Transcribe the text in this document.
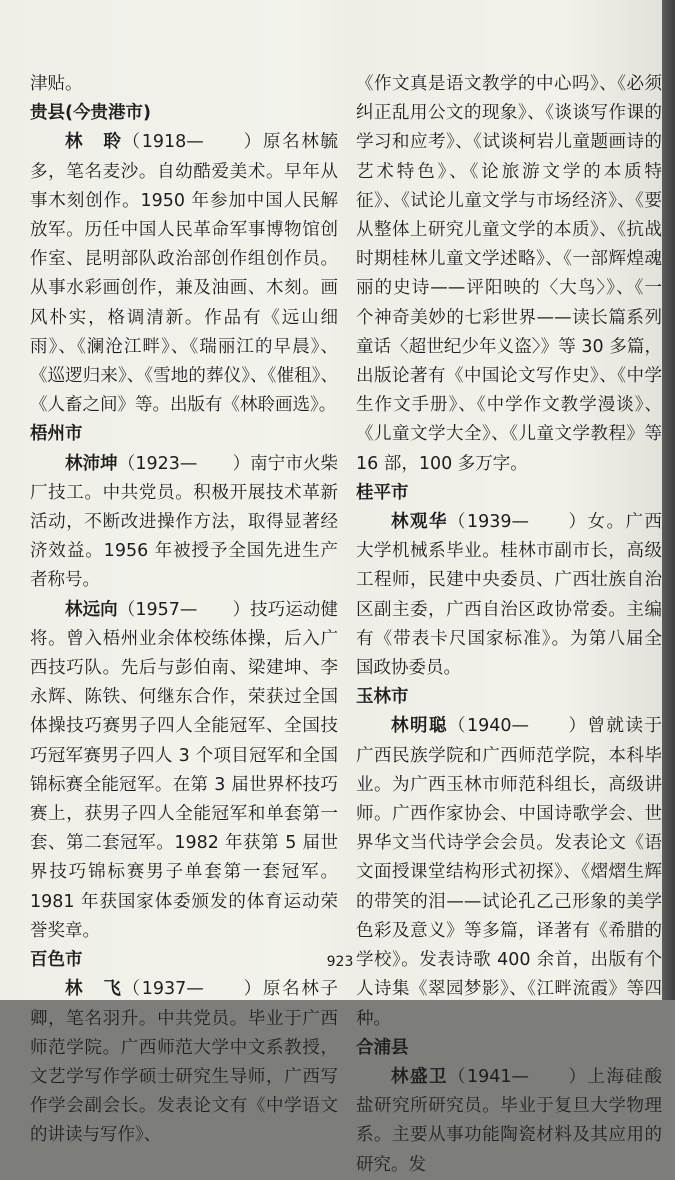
津贴。

贵县(今贵港市)

林　聆（1918—　　）原名林毓多，笔名麦沙。自幼酷爱美术。早年从事木刻创作。1950 年参加中国人民解放军。历任中国人民革命军事博物馆创作室、昆明部队政治部创作组创作员。从事水彩画创作，兼及油画、木刻。画风朴实，格调清新。作品有《远山细雨》、《澜沧江畔》、《瑞丽江的早晨》、《巡逻归来》、《雪地的葬仪》、《催租》、《人畜之间》等。出版有《林聆画选》。

梧州市

林沛坤（1923—　　）南宁市火柴厂技工。中共党员。积极开展技术革新活动，不断改进操作方法，取得显著经济效益。1956 年被授予全国先进生产者称号。

林远向（1957—　　）技巧运动健将。曾入梧州业余体校练体操，后入广西技巧队。先后与彭伯南、梁建坤、李永辉、陈铁、何继东合作，荣获过全国体操技巧赛男子四人全能冠军、全国技巧冠军赛男子四人 3 个项目冠军和全国锦标赛全能冠军。在第 3 届世界杯技巧赛上，获男子四人全能冠军和单套第一套、第二套冠军。1982 年获第 5 届世界技巧锦标赛男子单套第一套冠军。1981 年获国家体委颁发的体育运动荣誉奖章。

百色市

林　飞（1937—　　）原名林子卿，笔名羽升。中共党员。毕业于广西师范学院。广西师范大学中文系教授，文艺学写作学硕士研究生导师，广西写作学会副会长。发表论文有《中学语文的讲读与写作》、

《作文真是语文教学的中心吗》、《必须纠正乱用公文的现象》、《谈谈写作课的学习和应考》、《试谈柯岩儿童题画诗的艺术特色》、《论旅游文学的本质特征》、《试论儿童文学与市场经济》、《要从整体上研究儿童文学的本质》、《抗战时期桂林儿童文学述略》、《一部辉煌魂丽的史诗——评阳映的〈大鸟〉》、《一个神奇美妙的七彩世界——读长篇系列童话〈超世纪少年义盗〉》等 30 多篇，出版论著有《中国论文写作史》、《中学生作文手册》、《中学作文教学漫谈》、《儿童文学大全》、《儿童文学教程》等 16 部，100 多万字。

桂平市

林观华（1939—　　）女。广西大学机械系毕业。桂林市副市长，高级工程师，民建中央委员、广西壮族自治区副主委，广西自治区政协常委。主编有《带表卡尺国家标准》。为第八届全国政协委员。

玉林市

林明聪（1940—　　）曾就读于广西民族学院和广西师范学院，本科毕业。为广西玉林市师范科组长，高级讲师。广西作家协会、中国诗歌学会、世界华文当代诗学会会员。发表论文《语文面授课堂结构形式初探》、《熠熠生辉的带笑的泪——试论孔乙己形象的美学色彩及意义》等多篇，译著有《希腊的学校》。发表诗歌 400 余首，出版有个人诗集《翠园梦影》、《江畔流霞》等四种。

合浦县

林盛卫（1941—　　）上海硅酸盐研究所研究员。毕业于复旦大学物理系。主要从事功能陶瓷材料及其应用的研究。发

923
